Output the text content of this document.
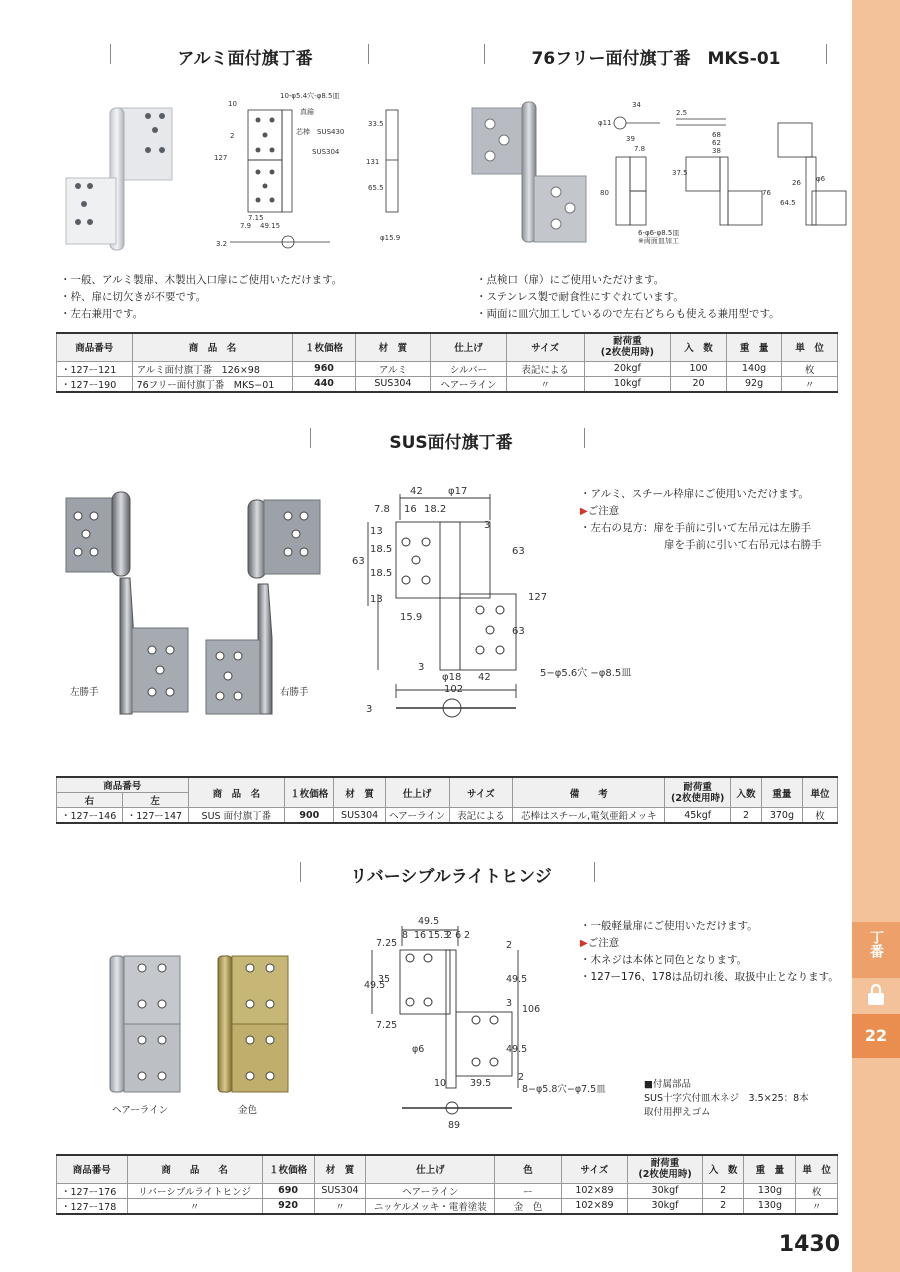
丁番
22
アルミ面付旗丁番	76フリー面付旗丁番　MKS-01
10-φ5.4穴-φ8.5皿
真鍮
芯棒　SUS430
SUS304
33.5
131
65.5
φ15.9
10
2
127
7.15
7.9 49.15
3.2
34
φ11
2.5
39
7.8
80
68
62
38
37.5
76
26
64.5
φ6
6-φ6-φ8.5皿
※両面皿加工
・一般、アルミ製扉、木製出入口扉にご使用いただけます。
・枠、扉に切欠きが不要です。
・左右兼用です。
・点検口（扉）にご使用いただけます。
・ステンレス製で耐食性にすぐれています。
・両面に皿穴加工しているので左右どちらも使える兼用型です。
商品番号	商　品　名	１枚価格	材　質	仕上げ	サイズ	耐荷重
(2枚使用時)	入　数	重　量	単　位
・127ー121	アルミ面付旗丁番　126×98	960	アルミ	シルバー	表記による	20kgf	100	140g	枚
・127ー190	76フリー面付旗丁番　MKS−01	440	SUS304	ヘアーライン	〃	10kgf	20	92g	〃
SUS面付旗丁番
左勝手	右勝手
42	φ17
7.8 16 18.2
63
13
18.5
18.5
13
3
63
127
63
15.9
3
φ18 42
102
5−φ5.6穴 −φ8.5皿
3
・アルミ、スチール枠扉にご使用いただけます。
▶ご注意
・左右の見方：扉を手前に引いて左吊元は左勝手
扉を手前に引いて右吊元は右勝手
商品番号		商　品　名	１枚価格	材　質	仕上げ	サイズ	備　　考	耐荷重
(2枚使用時)	入数	重量	単位
右	左										
・127ー146	・127ー147	SUS 面付旗丁番	900	SUS304	ヘアーライン	表記による	芯棒はスチール,電気亜鉛メッキ	45kgf	2	370g	枚
リバーシブルライトヒンジ
ヘアーライン	金色
49.5
8 16 15.3
2 6 2
7.25
49.5
35
7.25
2
49.5
106
3
49.5
φ6
10	39.5
2
8−φ5.8穴−φ7.5皿
89
・一般軽量扉にご使用いただけます。
▶ご注意
・木ネジは本体と同色となります。
・127ー176、178は品切れ後、取扱中止となります。
■付属部品
SUS十字穴付皿木ネジ　3.5×25：8本
取付用押えゴム
商品番号	商　　品　　名	１枚価格	材　質	仕上げ	色	サイズ	耐荷重
(2枚使用時)	入　数	重　量	単　位
・127ー176	リバーシブルライトヒンジ	690	SUS304	ヘアーライン	ー	102×89	30kgf	2	130g	枚
・127ー178	〃	920	〃	ニッケルメッキ・電着塗装	金　色	102×89	30kgf	2	130g	〃
1430
